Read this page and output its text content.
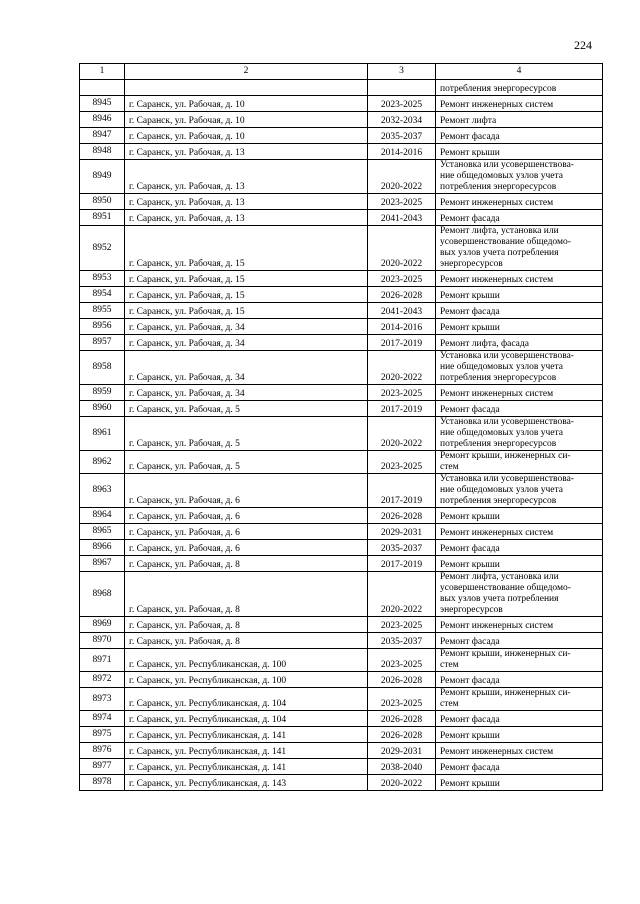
224
1	2	3	4
			потребления энергоресурсов
8945	г. Саранск, ул. Рабочая, д. 10	2023-2025	Ремонт инженерных систем
8946	г. Саранск, ул. Рабочая, д. 10	2032-2034	Ремонт лифта
8947	г. Саранск, ул. Рабочая, д. 10	2035-2037	Ремонт фасада
8948	г. Саранск, ул. Рабочая, д. 13	2014-2016	Ремонт крыши
8949	г. Саранск, ул. Рабочая, д. 13	2020-2022	Установка или усовершенствова-
ние общедомовых узлов учета
потребления энергоресурсов
8950	г. Саранск, ул. Рабочая, д. 13	2023-2025	Ремонт инженерных систем
8951	г. Саранск, ул. Рабочая, д. 13	2041-2043	Ремонт фасада
8952	г. Саранск, ул. Рабочая, д. 15	2020-2022	Ремонт лифта, установка или
усовершенствование общедомо-
вых узлов учета потребления
энергоресурсов
8953	г. Саранск, ул. Рабочая, д. 15	2023-2025	Ремонт инженерных систем
8954	г. Саранск, ул. Рабочая, д. 15	2026-2028	Ремонт крыши
8955	г. Саранск, ул. Рабочая, д. 15	2041-2043	Ремонт фасада
8956	г. Саранск, ул. Рабочая, д. 34	2014-2016	Ремонт крыши
8957	г. Саранск, ул. Рабочая, д. 34	2017-2019	Ремонт лифта, фасада
8958	г. Саранск, ул. Рабочая, д. 34	2020-2022	Установка или усовершенствова-
ние общедомовых узлов учета
потребления энергоресурсов
8959	г. Саранск, ул. Рабочая, д. 34	2023-2025	Ремонт инженерных систем
8960	г. Саранск, ул. Рабочая, д. 5	2017-2019	Ремонт фасада
8961	г. Саранск, ул. Рабочая, д. 5	2020-2022	Установка или усовершенствова-
ние общедомовых узлов учета
потребления энергоресурсов
8962	г. Саранск, ул. Рабочая, д. 5	2023-2025	Ремонт крыши, инженерных си-
стем
8963	г. Саранск, ул. Рабочая, д. 6	2017-2019	Установка или усовершенствова-
ние общедомовых узлов учета
потребления энергоресурсов
8964	г. Саранск, ул. Рабочая, д. 6	2026-2028	Ремонт крыши
8965	г. Саранск, ул. Рабочая, д. 6	2029-2031	Ремонт инженерных систем
8966	г. Саранск, ул. Рабочая, д. 6	2035-2037	Ремонт фасада
8967	г. Саранск, ул. Рабочая, д. 8	2017-2019	Ремонт крыши
8968	г. Саранск, ул. Рабочая, д. 8	2020-2022	Ремонт лифта, установка или
усовершенствование общедомо-
вых узлов учета потребления
энергоресурсов
8969	г. Саранск, ул. Рабочая, д. 8	2023-2025	Ремонт инженерных систем
8970	г. Саранск, ул. Рабочая, д. 8	2035-2037	Ремонт фасада
8971	г. Саранск, ул. Республиканская, д. 100	2023-2025	Ремонт крыши, инженерных си-
стем
8972	г. Саранск, ул. Республиканская, д. 100	2026-2028	Ремонт фасада
8973	г. Саранск, ул. Республиканская, д. 104	2023-2025	Ремонт крыши, инженерных си-
стем
8974	г. Саранск, ул. Республиканская, д. 104	2026-2028	Ремонт фасада
8975	г. Саранск, ул. Республиканская, д. 141	2026-2028	Ремонт крыши
8976	г. Саранск, ул. Республиканская, д. 141	2029-2031	Ремонт инженерных систем
8977	г. Саранск, ул. Республиканская, д. 141	2038-2040	Ремонт фасада
8978	г. Саранск, ул. Республиканская, д. 143	2020-2022	Ремонт крыши
